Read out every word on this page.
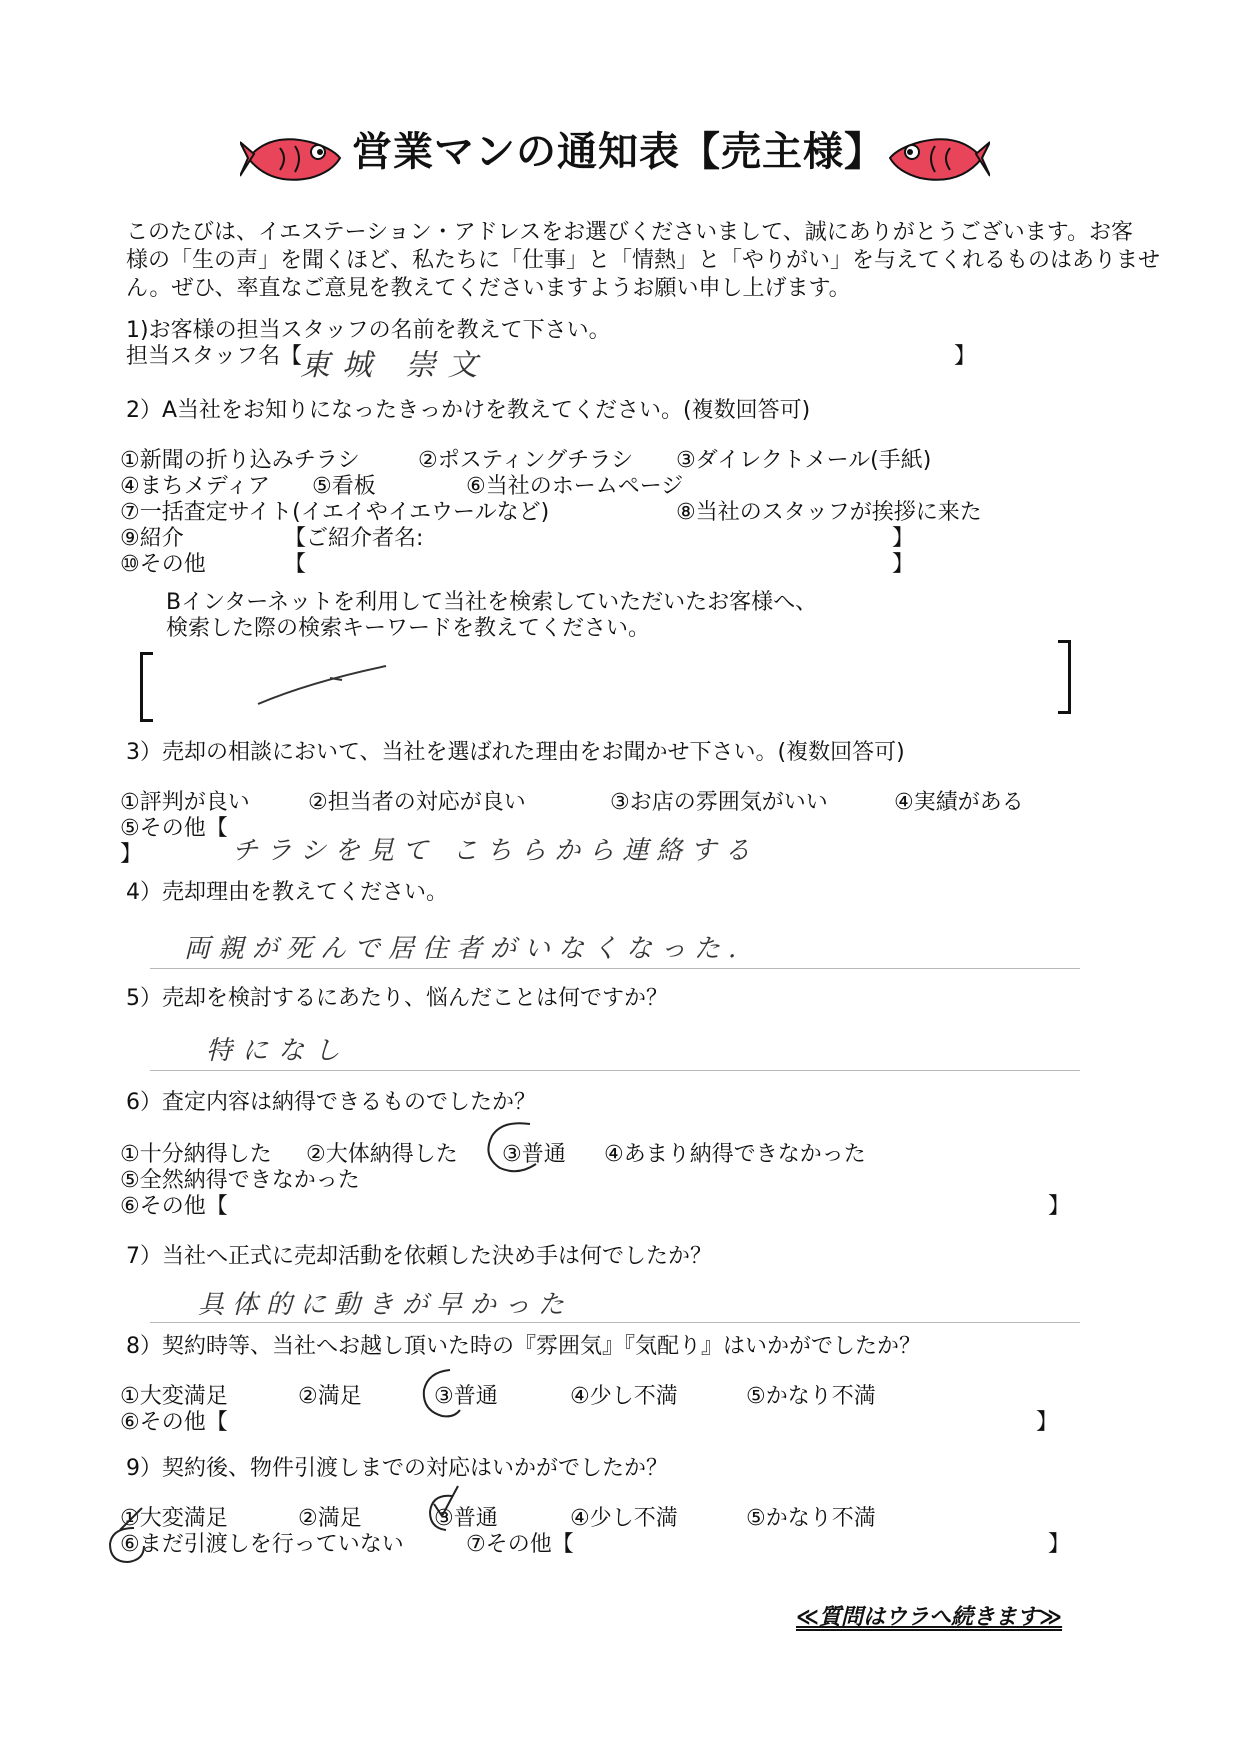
営業マンの通知表【売主様】
このたびは、イエステーション・アドレスをお選びくださいまして、誠にありがとうございます。お客
様の「生の声」を聞くほど、私たちに「仕事」と「情熱」と「やりがい」を与えてくれるものはありませ
ん。ぜひ、率直なご意見を教えてくださいますようお願い申し上げます。
1)お客様の担当スタッフの名前を教えて下さい。
担当スタッフ名【
東城 崇文	】
2）A当社をお知りになったきっかけを教えてください。(複数回答可)
①新聞の折り込みチラシ	②ポスティングチラシ ③ダイレクトメール(手紙)
④まちメディア ⑤看板	⑥当社のホームページ
⑦一括査定サイト(イエイやイエウールなど)	⑧当社のスタッフが挨拶に来た
⑨紹介	【ご紹介者名:	】
⑩その他	【	】
Bインターネットを利用して当社を検索していただいたお客様へ、
検索した際の検索キーワードを教えてください。
3）売却の相談において、当社を選ばれた理由をお聞かせ下さい。(複数回答可)
①評判が良い	②担当者の対応が良い	③お店の雰囲気がいい	④実績がある
⑤その他【
チラシを見て こちらから連絡する
】
4）売却理由を教えてください。
両親が死んで居住者がいなくなった.
5）売却を検討するにあたり、悩んだことは何ですか？
特になし
6）査定内容は納得できるものでしたか？
①十分納得した ②大体納得した ③普通 ④あまり納得できなかった
⑤全然納得できなかった
⑥その他【	】
7）当社へ正式に売却活動を依頼した決め手は何でしたか？
具体的に動きが早かった
8）契約時等、当社へお越し頂いた時の『雰囲気』『気配り』はいかがでしたか？
①大変満足	②満足	③普通	④少し不満	⑤かなり不満
⑥その他【	】
9）契約後、物件引渡しまでの対応はいかがでしたか？
①大変満足	②満足	③普通	④少し不満	⑤かなり不満
⑥まだ引渡しを行っていない	⑦その他【	】
≪質問はウラへ続きます≫
